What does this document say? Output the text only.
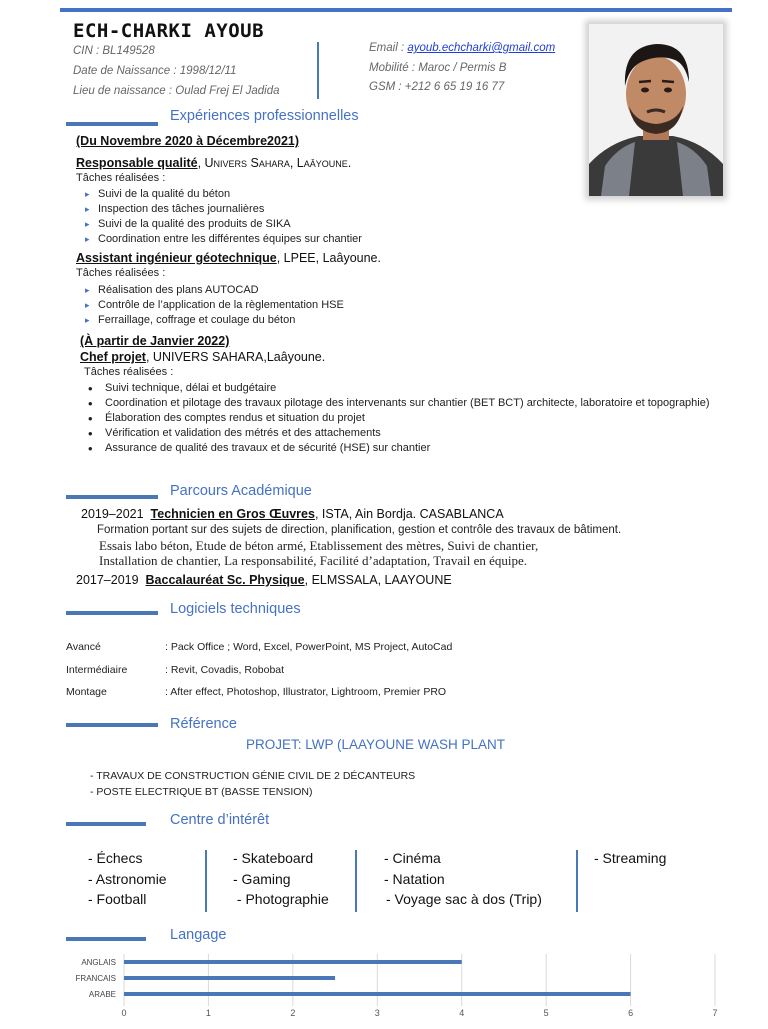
ECH-CHARKI AYOUB
CIN : BL149528
Date de Naissance : 1998/12/11
Lieu de naissance : Oulad Frej El Jadida
Email : ayoub.echcharki@gmail.com
Mobilité : Maroc / Permis B
GSM : +212 6 65 19 16 77
Expériences professionnelles
(Du Novembre 2020 à Décembre2021)
Responsable qualité, Univers Sahara, Laâyoune.
Tâches réalisées :
▸ Suivi de la qualité du béton
▸ Inspection des tâches journalières
▸ Suivi de la qualité des produits de SIKA
▸ Coordination entre les différentes équipes sur chantier
Assistant ingénieur géotechnique, LPEE, Laâyoune.
Tâches réalisées :
▸ Réalisation des plans AUTOCAD
▸ Contrôle de l’application de la règlementation HSE
▸ Ferraillage, coffrage et coulage du béton
(À partir de Janvier 2022)
Chef projet, UNIVERS SAHARA,Laâyoune.
Tâches réalisées :
• Suivi technique, délai et budgétaire
• Coordination et pilotage des travaux pilotage des intervenants sur chantier (BET BCT) architecte, laboratoire et topographie)
• Élaboration des comptes rendus et situation du projet
• Vérification et validation des métrés et des attachements
• Assurance de qualité des travaux et de sécurité (HSE) sur chantier
Parcours Académique
2019–2021 Technicien en Gros Œuvres, ISTA, Ain Bordja. CASABLANCA
Formation portant sur des sujets de direction, planification, gestion et contrôle des travaux de bâtiment.
Essais labo béton, Etude de béton armé, Etablissement des mètres, Suivi de chantier,
Installation de chantier, La responsabilité, Facilité d’adaptation, Travail en équipe.
2017–2019 Baccalauréat Sc. Physique, ELMSSALA, LAAYOUNE
Logiciels techniques
Avancé	: Pack Office ; Word, Excel, PowerPoint, MS Project, AutoCad
Intermédiaire	: Revit, Covadis, Robobat
Montage	: After effect, Photoshop, Illustrator, Lightroom, Premier PRO
Référence
PROJET: LWP (LAAYOUNE WASH PLANT
- TRAVAUX DE CONSTRUCTION GÉNIE CIVIL DE 2 DÉCANTEURS
- POSTE ELECTRIQUE BT (BASSE TENSION)
Centre d’intérêt
- Échecs
- Astronomie
- Football
- Skateboard
- Gaming
- Photographie
- Cinéma
- Natation
- Voyage sac à dos (Trip)
- Streaming
Langage
ANGLAIS
FRANCAIS
ARABE
0	1	2	3	4	5	6	7
